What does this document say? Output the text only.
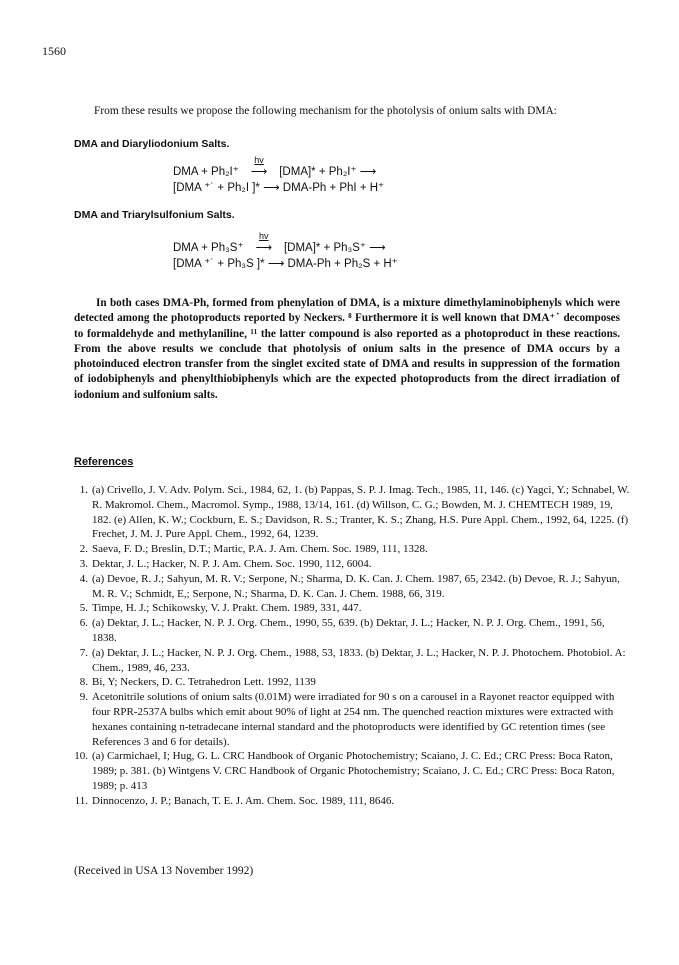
1560
From these results we propose the following mechanism for the photolysis of onium salts with DMA:
DMA and Diaryliodonium Salts.
DMA + Ph₂I⁺
hv
⟶ [DMA]* + Ph₂I⁺ ⟶
[DMA ⁺˙ + Ph₂I ]* ⟶ DMA-Ph + PhI + H⁺
DMA and Triarylsulfonium Salts.
DMA + Ph₃S⁺
hv
⟶ [DMA]* + Ph₃S⁺ ⟶
[DMA ⁺˙ + Ph₃S ]* ⟶ DMA-Ph + Ph₂S + H⁺
In both cases DMA-Ph, formed from phenylation of DMA, is a mixture dimethylaminobiphenyls which were detected among the photoproducts reported by Neckers. ⁸ Furthermore it is well known that DMA⁺˙ decomposes to formaldehyde and methylaniline, ¹¹ the latter compound is also reported as a photoproduct in these reactions. From the above results we conclude that photolysis of onium salts in the presence of DMA occurs by a photoinduced electron transfer from the singlet excited state of DMA and results in suppression of the formation of iodobiphenyls and phenylthiobiphenyls which are the expected photoproducts from the direct irradiation of iodonium and sulfonium salts.
References
1. (a) Crivello, J. V. Adv. Polym. Sci., 1984, 62, 1. (b) Pappas, S. P. J. Imag. Tech., 1985, 11, 146. (c) Yagci, Y.; Schnabel, W. R. Makromol. Chem., Macromol. Symp., 1988, 13/14, 161. (d) Willson, C. G.; Bowden, M. J. CHEMTECH 1989, 19, 182. (e) Allen, K. W.; Cockburn, E. S.; Davidson, R. S.; Tranter, K. S.; Zhang, H.S. Pure Appl. Chem., 1992, 64, 1225. (f) Frechet, J. M. J. Pure Appl. Chem., 1992, 64, 1239.
2. Saeva, F. D.; Breslin, D.T.; Martic, P.A. J. Am. Chem. Soc. 1989, 111, 1328.
3. Dektar, J. L.; Hacker, N. P. J. Am. Chem. Soc. 1990, 112, 6004.
4. (a) Devoe, R. J.; Sahyun, M. R. V.; Serpone, N.; Sharma, D. K. Can. J. Chem. 1987, 65, 2342. (b) Devoe, R. J.; Sahyun, M. R. V.; Schmidt, E,; Serpone, N.; Sharma, D. K. Can. J. Chem. 1988, 66, 319.
5. Timpe, H. J.; Schikowsky, V. J. Prakt. Chem. 1989, 331, 447.
6. (a) Dektar, J. L.; Hacker, N. P. J. Org. Chem., 1990, 55, 639. (b) Dektar, J. L.; Hacker, N. P. J. Org. Chem., 1991, 56, 1838.
7. (a) Dektar, J. L.; Hacker, N. P. J. Org. Chem., 1988, 53, 1833. (b) Dektar, J. L.; Hacker, N. P. J. Photochem. Photobiol. A: Chem., 1989, 46, 233.
8. Bi, Y; Neckers, D. C. Tetrahedron Lett. 1992, 1139
9. Acetonitrile solutions of onium salts (0.01M) were irradiated for 90 s on a carousel in a Rayonet reactor equipped with four RPR-2537A bulbs which emit about 90% of light at 254 nm. The quenched reaction mixtures were extracted with hexanes containing n-tetradecane internal standard and the photoproducts were identified by GC retention times (see References 3 and 6 for details).
10. (a) Carmichael, I; Hug, G. L. CRC Handbook of Organic Photochemistry; Scaiano, J. C. Ed.; CRC Press: Boca Raton, 1989; p. 381. (b) Wintgens V. CRC Handbook of Organic Photochemistry; Scaiano, J. C. Ed.; CRC Press: Boca Raton, 1989; p. 413
11. Dinnocenzo, J. P.; Banach, T. E. J. Am. Chem. Soc. 1989, 111, 8646.
(Received in USA 13 November 1992)
